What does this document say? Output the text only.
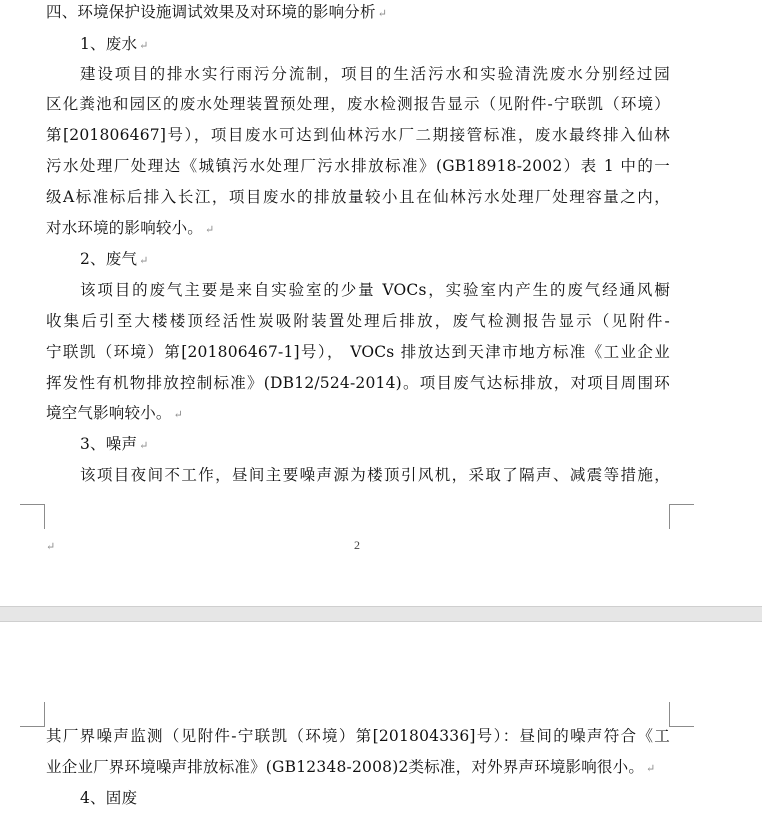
四、环境保护设施调试效果及对环境的影响分析 ↵
1、废水 ↵
建设项目的排水实行雨污分流制，项目的生活污水和实验清洗废水分别经过园
区化粪池和园区的废水处理装置预处理，废水检测报告显示（见附件-宁联凯（环境）
第[201806467]号），项目废水可达到仙林污水厂二期接管标准，废水最终排入仙林
污水处理厂处理达《城镇污水处理厂污水排放标准》(GB18918-2002）表 1 中的一
级A标准标后排入长江，项目废水的排放量较小且在仙林污水处理厂处理容量之内，
对水环境的影响较小。 ↵
2、废气 ↵
该项目的废气主要是来自实验室的少量 VOCs，实验室内产生的废气经通风橱
收集后引至大楼楼顶经活性炭吸附装置处理后排放，废气检测报告显示（见附件-
宁联凯（环境）第[201806467-1]号）， VOCs 排放达到天津市地方标准《工业企业
挥发性有机物排放控制标准》(DB12/524-2014)。项目废气达标排放，对项目周围环
境空气影响较小。 ↵
3、噪声 ↵
该项目夜间不工作，昼间主要噪声源为楼顶引风机，采取了隔声、减震等措施，
↵	2
其厂界噪声监测（见附件-宁联凯（环境）第[201804336]号）：昼间的噪声符合《工
业企业厂界环境噪声排放标准》(GB12348-2008)2类标准，对外界声环境影响很小。 ↵
4、固废
